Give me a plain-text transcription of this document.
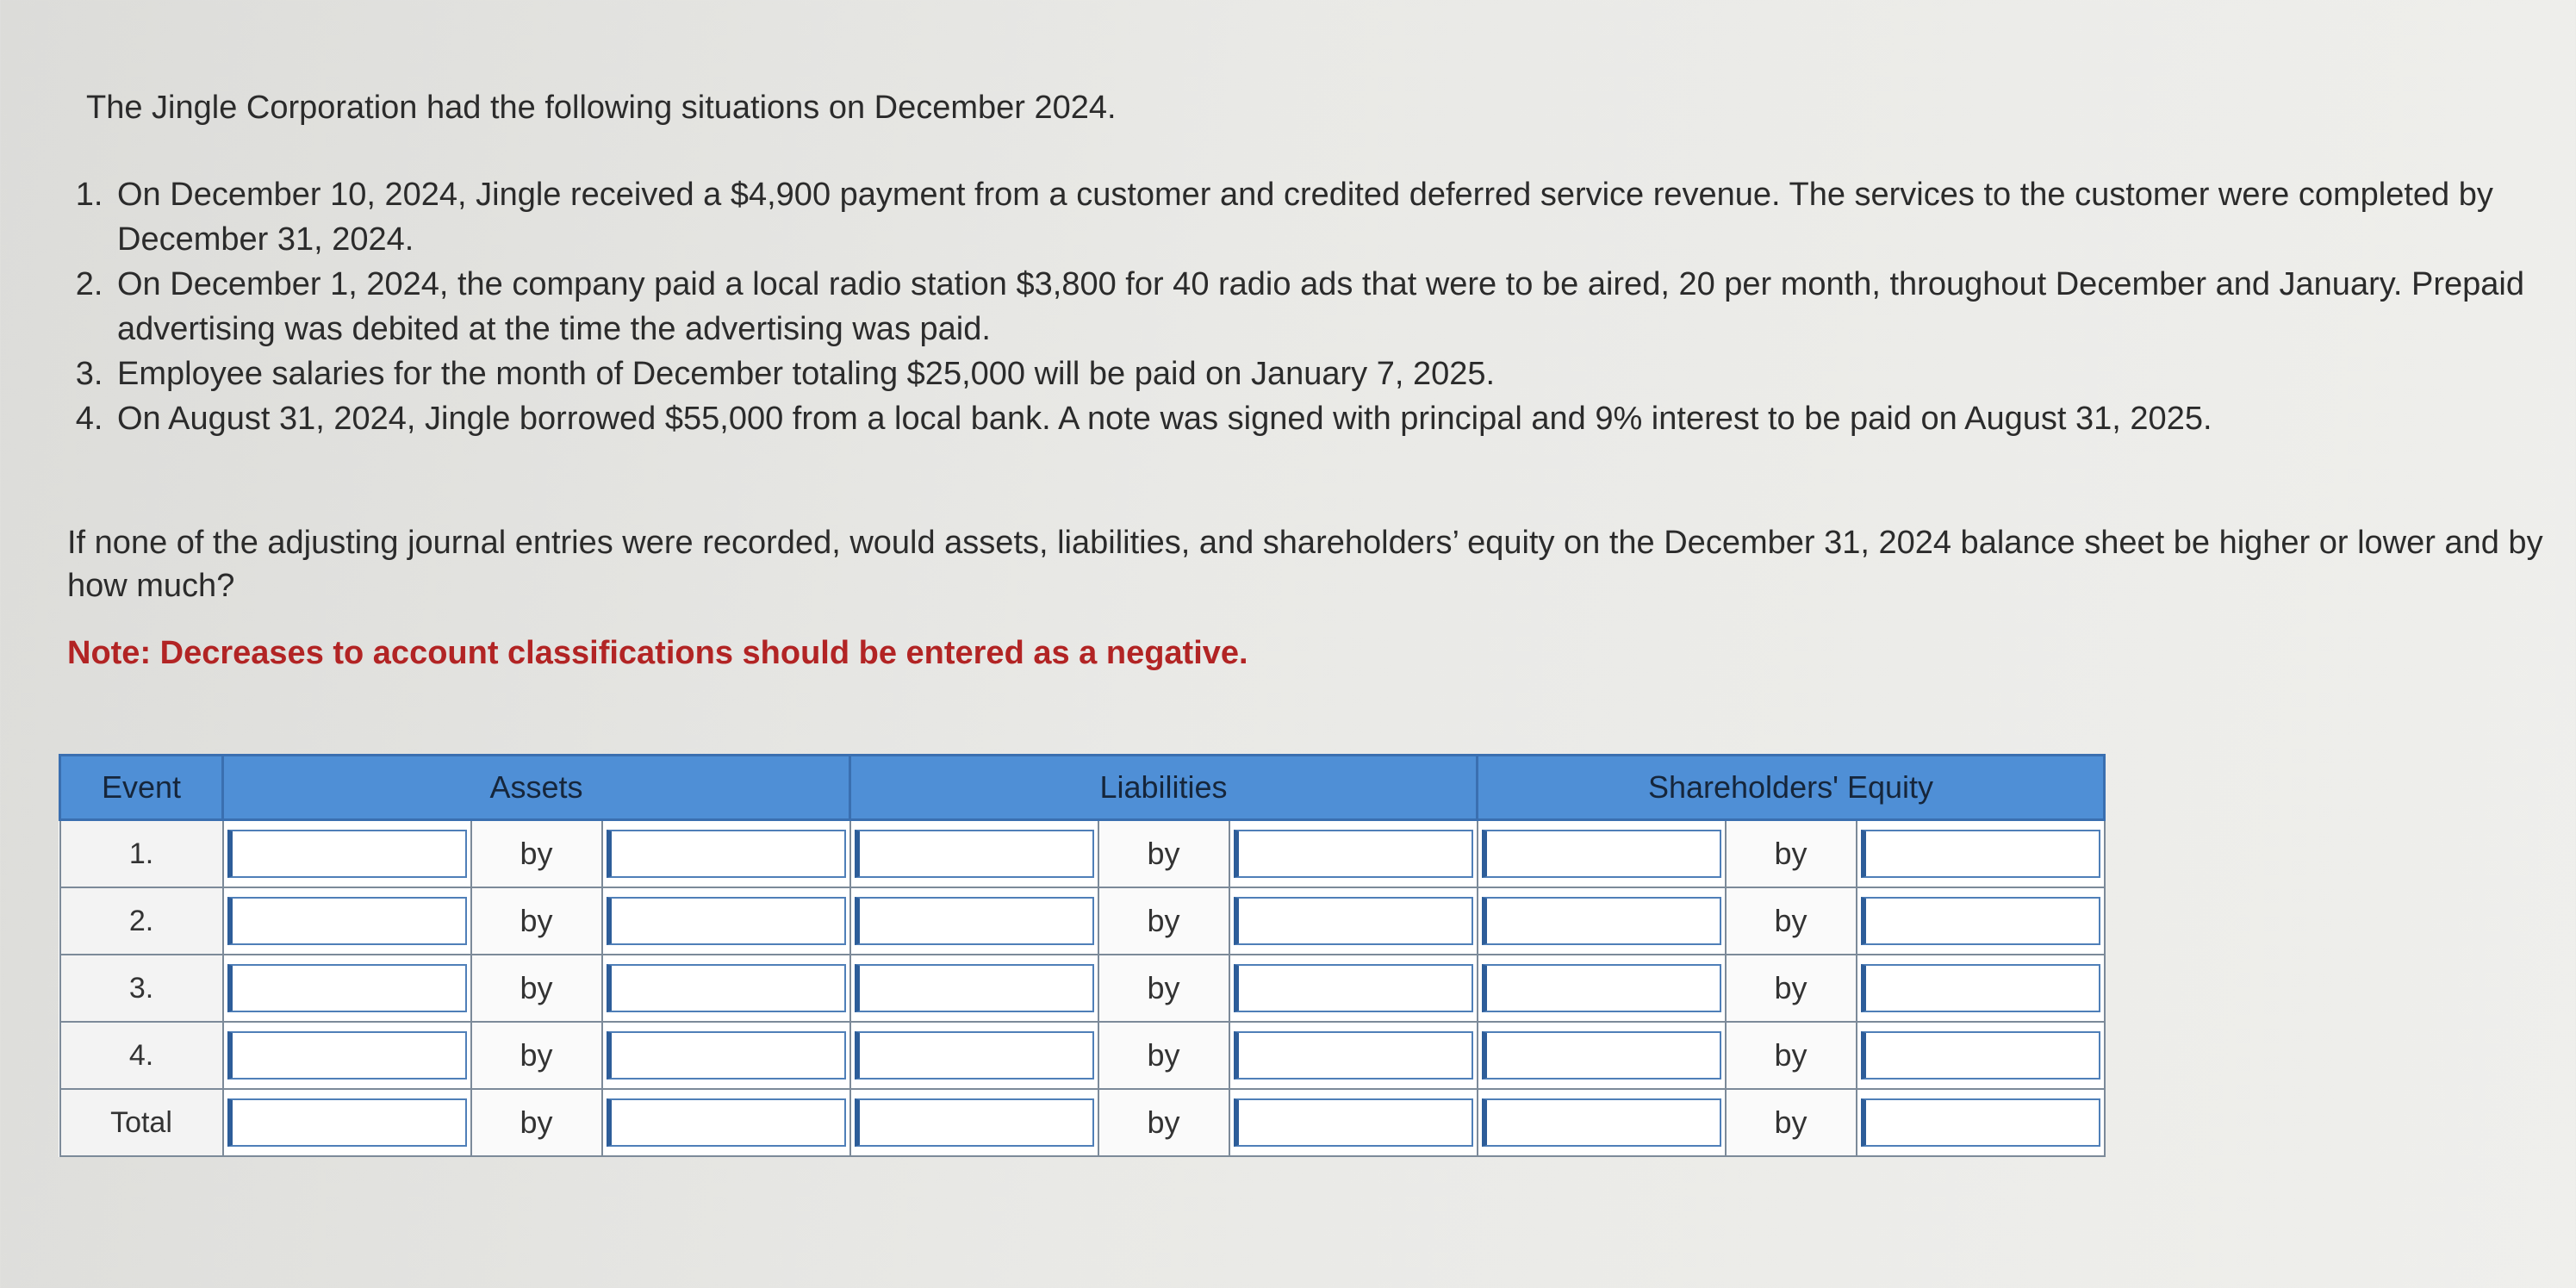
The Jingle Corporation had the following situations on December 2024.
1. On December 10, 2024, Jingle received a $4,900 payment from a customer and credited deferred service revenue. The services to the customer were completed by December 31, 2024.
2. On December 1, 2024, the company paid a local radio station $3,800 for 40 radio ads that were to be aired, 20 per month, throughout December and January. Prepaid advertising was debited at the time the advertising was paid.
3. Employee salaries for the month of December totaling $25,000 will be paid on January 7, 2025.
4. On August 31, 2024, Jingle borrowed $55,000 from a local bank. A note was signed with principal and 9% interest to be paid on August 31, 2025.
If none of the adjusting journal entries were recorded, would assets, liabilities, and shareholders’ equity on the December 31, 2024 balance sheet be higher or lower and by how much?
Note: Decreases to account classifications should be entered as a negative.
Event	Assets			Liabilities			Shareholders' Equity		
1.		by			by			by	
2.		by			by			by	
3.		by			by			by	
4.		by			by			by	
Total		by			by			by	
